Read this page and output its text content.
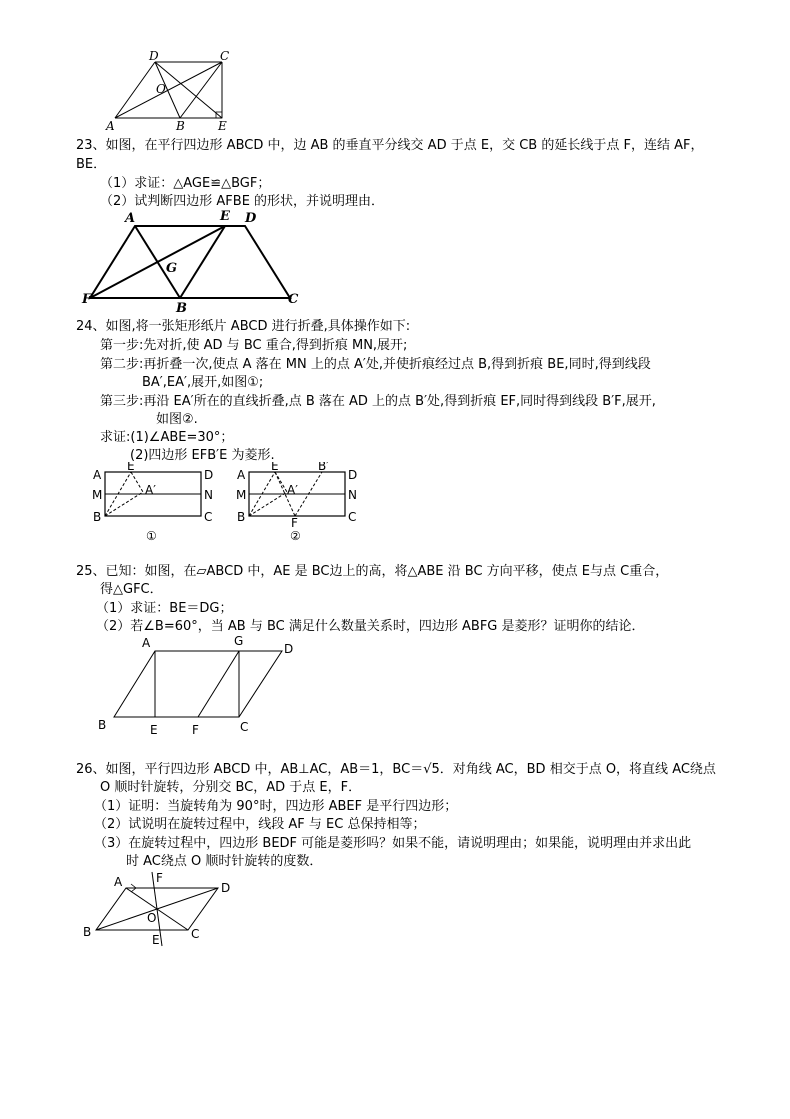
D	C
O
A	B	E
23、如图，在平行四边形 ABCD 中，边 AB 的垂直平分线交 AD 于点 E，交 CB 的延长线于点 F，连结 AF，
BE．
（1）求证：△AGE≌△BGF；
（2）试判断四边形 AFBE 的形状，并说明理由．
A	E D
G
F
B
C
24、如图,将一张矩形纸片 ABCD 进行折叠,具体操作如下:
第一步:先对折,使 AD 与 BC 重合,得到折痕 MN,展开;
第二步:再折叠一次,使点 A 落在 MN 上的点 A′处,并使折痕经过点 B,得到折痕 BE,同时,得到线段
BA′,EA′,展开,如图①;
第三步:再沿 EA′所在的直线折叠,点 B 落在 AD 上的点 B′处,得到折痕 EF,同时得到线段 B′F,展开,
如图②.
求证:(1)∠ABE=30°；
(2)四边形 EFB′E 为菱形.
A
E
D
M	A′	N
B	C
①
A
E	B′
D
M	A′	N
B	F	C
②
25、已知：如图，在▱ABCD 中，AE 是 BC边上的高，将△ABE 沿 BC 方向平移，使点 E与点 C重合，
得△GFC．
（1）求证：BE＝DG；
（2）若∠B=60°，当 AB 与 BC 满足什么数量关系时，四边形 ABFG 是菱形？证明你的结论．
A	G
D
B	E	F	C
26、如图，平行四边形 ABCD 中，AB⊥AC，AB＝1，BC＝√5．对角线 AC，BD 相交于点 O，将直线 AC绕点
O 顺时针旋转，分别交 BC，AD 于点 E，F．
（1）证明：当旋转角为 90°时，四边形 ABEF 是平行四边形；
（2）试说明在旋转过程中，线段 AF 与 EC 总保持相等；
（3）在旋转过程中，四边形 BEDF 可能是菱形吗？如果不能，请说明理由；如果能，说明理由并求出此
时 AC绕点 O 顺时针旋转的度数．
A	F
D
O
B
E	C
